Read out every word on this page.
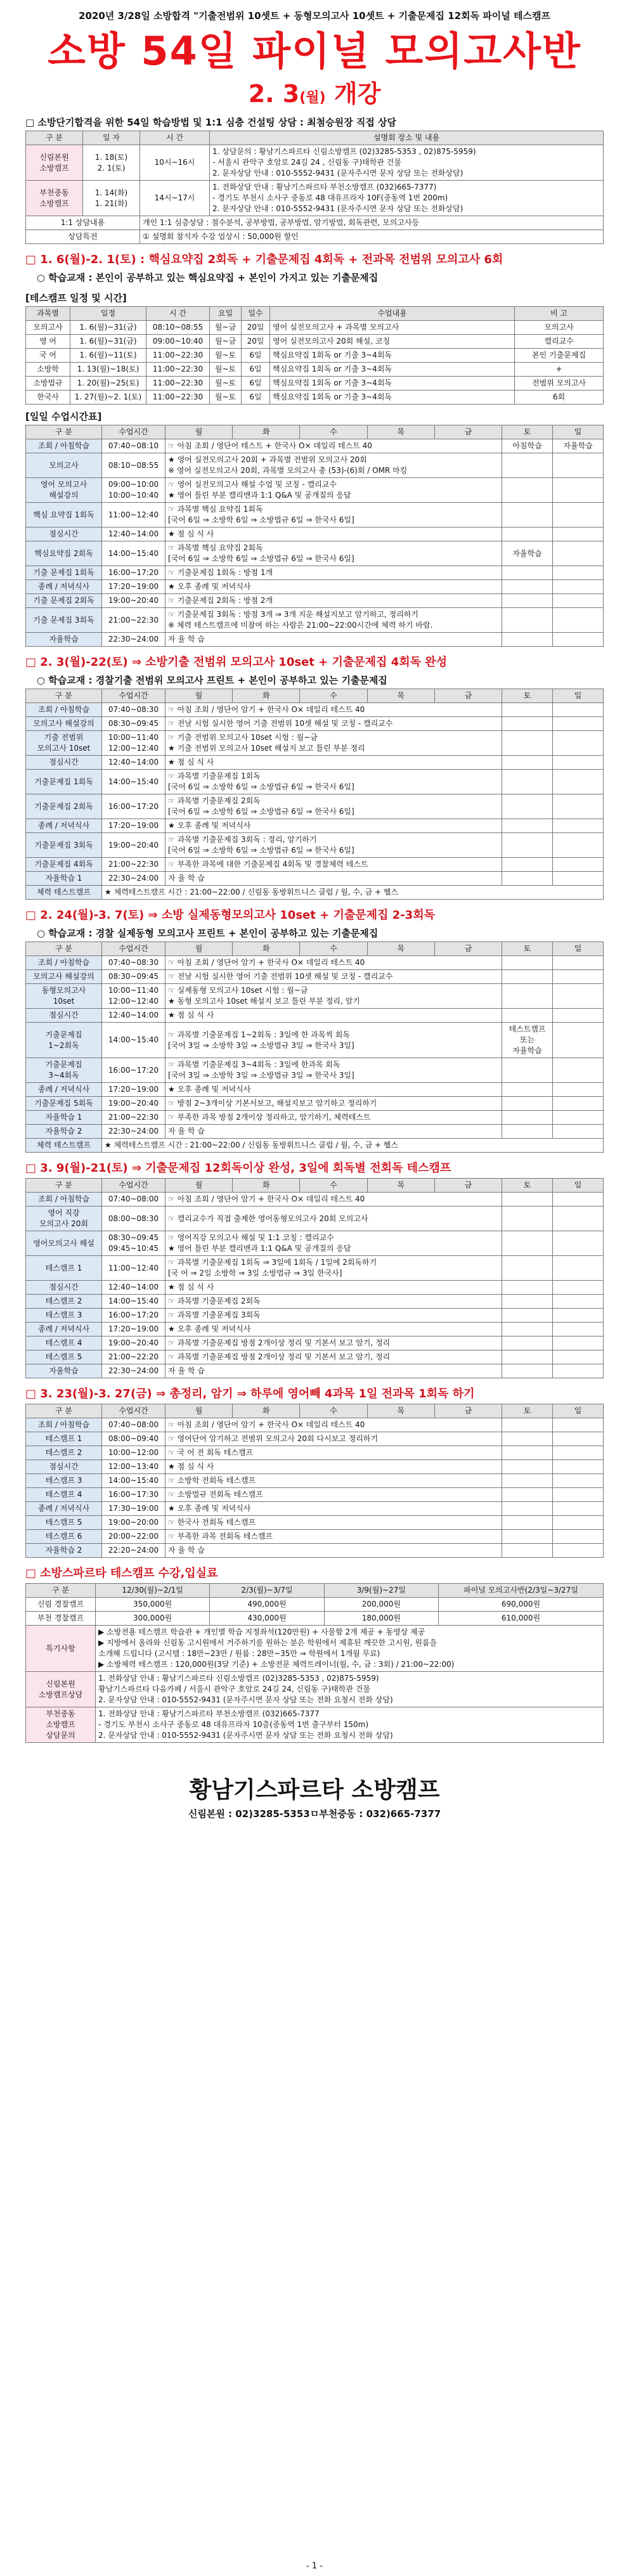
2020년 3/28일 소방합격 "기출전범위 10셋트 + 동형모의고사 10셋트 + 기출문제집 12회독 파이널 테스캠프
소방 54일 파이널 모의고사반
2. 3(월) 개강
□ 소방단기합격을 위한 54일 학습방법 및 1:1 심층 건설팅 상담 : 최첨승원장 직접 상담
구 분	일 자	시 간	설명회 장소 및 내용
신림본원
소방캠프	1. 18(토)
2. 1(토)	10시~16시	1. 상담문의 : 황남기스파르타 신림소방캠프 (02)3285-5353 , 02)875-5959)
- 서울시 관악구 호암로 24길 24 , 신림동 구)태학관 건물
2. 문자상담 안내 : 010-5552-9431 (문자주시면 문자 상담 또는 전화상담)
부천중동
소방캠프	1. 14(화)
1. 21(화)	14시~17시	1. 전화상담 안내 : 황남기스파르타 부천소방캠프 (032)665-7377)
- 경기도 부천시 소사구 중동로 48 대유프라자 10F(중동역 1번 200m)
2. 문자상담 안내 : 010-5552-9431 (문자주시면 문자 상담 또는 전화상담)
1:1 상담내용		개인 1:1 심층상담 : 점수분석, 공부방법, 공부방법, 암기방법, 회독관련, 모의고사등	
상담특전		① 설명회 참석자 수강 업상시 : 50,000원 할인	
□ 1. 6(월)-2. 1(토) : 핵심요약집 2회독 + 기출문제집 4회독 + 전과목 전범위 모의고사 6회
○ 학습교재 : 본인이 공부하고 있는 핵심요약집 + 본인이 가지고 있는 기출문제집
[테스캠프 일정 및 시간]
과목별	일정	시 간	요일	일수	수업내용	비 고
모의고사	1. 6(월)~31(금)	08:10~08:55	월~금	20일	영어 실전모의고사 + 과목별 모의고사	모의고사
영 어	1. 6(월)~31(금)	09:00~10:40	월~금	20일	영어 실전모의고사 20회 해설, 코칭	캘리교수
국 어	1. 6(월)~11(토)	11:00~22:30	월~토	6일	핵심요약집 1회독 or 기출 3~4회독	본인 기출문제집
소방학	1. 13(월)~18(토)	11:00~22:30	월~토	6일	핵심요약집 1회독 or 기출 3~4회독	+
소방법규	1. 20(월)~25(토)	11:00~22:30	월~토	6일	핵심요약집 1회독 or 기출 3~4회독	전범위 모의고사
한국사	1. 27(월)~2. 1(토)	11:00~22:30	월~토	6일	핵심요약집 1회독 or 기출 3~4회독	6회
[일일 수업시간표]
구 분	수업시간	월	화	수	목	금	토	일
조회 / 아침학습	07:40~08:10	☞ 아침 조회 / 영단어 테스트 + 한국사 O× 데일리 테스트 40					아침학습	자율학습
모의고사	08:10~08:55	★ 영어 실전모의고사 20회 + 과목별 전범위 모의고사 20회
※ 영어 실전모의고사 20회, 과목별 모의고사 총 (53)-(6)회 / OMR 마킹						
영어 모의고사
해설강의	09:00~10:00
10:00~10:40	☞ 영어 실전모의고사 해설 수업 및 코칭 - 캘리교수
★ 영어 틀린 부분 캘리맨과 1:1 Q&A 및 공개질의 응답						
핵심 요약집 1회독	11:00~12:40	☞ 과목별 핵심 요약집 1회독
[국어 6일 ⇒ 소방학 6일 ⇒ 소방법규 6일 ⇒ 한국사 6일]						
점심시간	12:40~14:00	★ 점 심 식 사						
핵심요약집 2회독	14:00~15:40	☞ 과목별 핵심 요약집 2회독
[국어 6일 ⇒ 소방학 6일 ⇒ 소방법규 6일 ⇒ 한국사 6일]					자율학습	
기출 문제집 1회독	16:00~17:20	☞ 기출문제집 1회독 : 방점 1개						
종례 / 저녁식사	17:20~19:00	★ 오후 종례 및 저녁식사						
기출 문제집 2회독	19:00~20:40	☞ 기출문제집 2회독 : 방점 2개						
기출 문제집 3회독	21:00~22:30	☞ 기출문제집 3회독 : 방점 3개 ⇒ 3개 지운 해설지보고 암기하고, 정리하기
※ 체력 테스트캠프에 미참여 하는 사람은 21:00~22:00시간에 체력 하기 바람.						
자율학습	22:30~24:00	자 율 학 습						
□ 2. 3(월)-22(토) ⇒ 소방기출 전범위 모의고사 10set + 기출문제집 4회독 완성
○ 학습교재 : 경찰기출 전범위 모의고사 프린트 + 본인이 공부하고 있는 기출문제집
구 분	수업시간	월	화	수	목	금	토	일
조회 / 아침학습	07:40~08:30	☞ 아침 조회 / 영단어 암기 + 한국사 O× 데일리 테스트 40						
모의고사 해설강의	08:30~09:45	☞ 전날 시험 실시한 영어 기출 전범위 10셋 해설 및 코칭 - 캘리교수						
기출 전범위
모의고사 10set	10:00~11:40
12:00~12:40	☞ 기출 전범위 모의고사 10set 시험 : 월~금
★ 기출 전범위 모의고사 10set 해설지 보고 틀린 부분 정리						
점심시간	12:40~14:00	★ 점 심 식 사						
기출문제집 1회독	14:00~15:40	☞ 과목별 기출문제집 1회독
[국어 6일 ⇒ 소방학 6일 ⇒ 소방법규 6일 ⇒ 한국사 6일]						
기출문제집 2회독	16:00~17:20	☞ 과목별 기출문제집 2회독
[국어 6일 ⇒ 소방학 6일 ⇒ 소방법규 6일 ⇒ 한국사 6일]						
종례 / 저녁식사	17:20~19:00	★ 오후 종례 및 저녁식사						
기출문제집 3회독	19:00~20:40	☞ 과목별 기출문제집 3회독 : 정리, 암기하기
[국어 6일 ⇒ 소방학 6일 ⇒ 소방법규 6일 ⇒ 한국사 6일]						
기출문제집 4회독	21:00~22:30	☞ 부족한 과목에 대한 기출문제집 4회독 및 경찰체력 테스트						
자율학습 1	22:30~24:00	자 율 학 습						
체력 테스트캠프	★ 체력테스트캠프 시간 : 21:00~22:00 / 신림동 동방휘트니스 클럽 / 월, 수, 금 + 헬스							
□ 2. 24(월)-3. 7(토) ⇒ 소방 실제동형모의고사 10set + 기출문제집 2-3회독
○ 학습교재 : 경찰 실제동형 모의고사 프린트 + 본인이 공부하고 있는 기출문제집
구 분	수업시간	월	화	수	목	금	토	일
조회 / 아침학습	07:40~08:30	☞ 아침 조회 / 영단어 암기 + 한국사 O× 데일리 테스트 40						
모의고사 해설강의	08:30~09:45	☞ 전날 시험 실시한 영어 기출 전범위 10셋 해설 및 코칭 - 캘리교수						
동형모의고사
10set	10:00~11:40
12:00~12:40	☞ 실제동형 모의고사 10set 시험 : 월~금
★ 동형 모의고사 10set 해설지 보고 틀린 부분 정리, 암기						
점심시간	12:40~14:00	★ 점 심 식 사						
기출문제집
1~2회독	14:00~15:40	☞ 과목별 기출문제집 1~2회독 : 3일에 한 과목씩 회독
[국어 3일 ⇒ 소방학 3일 ⇒ 소방법규 3일 ⇒ 한국사 3일]					테스트캠프
또는
자율학습	
기출문제집
3~4회독	16:00~17:20	☞ 과목별 기출문제집 3~4회독 : 3일에 한과목 회독
[국어 3일 ⇒ 소방학 3일 ⇒ 소방법규 3일 ⇒ 한국사 3일]						
종례 / 저녁식사	17:20~19:00	★ 오후 종례 및 저녁식사						
기출문제집 5회독	19:00~20:40	☞ 방점 2~3개이상 기본서보고, 해설지보고 암기하고 정리하기						
자율학습 1	21:00~22:30	☞ 부족한 과목 방점 2개이상 정리하고, 암기하기, 체력테스트						
자율학습 2	22:30~24:00	자 율 학 습						
체력 테스트캠프	★ 체력테스트캠프 시간 : 21:00~22:00 / 신림동 동방휘트니스 클럽 / 월, 수, 금 + 헬스							
□ 3. 9(월)-21(토) ⇒ 기출문제집 12회독이상 완성, 3일에 회독별 전회독 테스캠프
구 분	수업시간	월	화	수	목	금	토	일
조회 / 아침학습	07:40~08:00	☞ 아침 조회 / 영단어 암기 + 한국사 O× 데일리 테스트 40						
영어 직강
모의고사 20회	08:00~08:30	☞ 캘리교수가 직접 출제한 영어동형모의고사 20회 모의고사						
영어모의고사 해설	08:30~09:45
09:45~10:45	☞ 영어직강 모의고사 해설 및 1:1 코칭 : 캘리교수
★ 영어 틀린 부분 캘리맨과 1:1 Q&A 및 공개질의 응답						
테스캠프 1	11:00~12:40	☞ 과목별 기출문제집 1회독 ⇒ 3일에 1회독 / 1일에 2회독하기
[국 어 ⇒ 2일 소방학 ⇒ 3일 소방법규 ⇒ 3일 한국사]						
점심시간	12:40~14:00	★ 점 심 식 사						
테스캠프 2	14:00~15:40	☞ 과목별 기출문제집 2회독						
테스캠프 3	16:00~17:20	☞ 과목별 기출문제집 3회독						
종례 / 저녁식사	17:20~19:00	★ 오후 종례 및 저녁식사						
테스캠프 4	19:00~20:40	☞ 과목별 기출문제집 방점 2개이상 정리 및 기본서 보고 암기, 정리						
테스캠프 5	21:00~22:20	☞ 과목별 기출문제집 방점 2개이상 정리 및 기본서 보고 암기, 정리						
자율학습	22:30~24:00	자 율 학 습						
□ 3. 23(월)-3. 27(금) ⇒ 총정리, 암기 ⇒ 하루에 영어빼 4과목 1일 전과목 1회독 하기
구 분	수업시간	월	화	수	목	금	토	일
조회 / 아침학습	07:40~08:00	☞ 아침 조회 / 영단어 암기 + 한국사 O× 데일리 테스트 40						
테스캠프 1	08:00~09:40	☞ 영어단어 암기하고 전범위 모의고사 20회 다시보고 정리하기						
테스캠프 2	10:00~12:00	☞ 국 어 전 회독 테스캠프						
점심시간	12:00~13:40	★ 점 심 식 사						
테스캠프 3	14:00~15:40	☞ 소방학 전회독 테스캠프						
테스캠프 4	16:00~17:30	☞ 소방법규 전회독 테스캠프						
종례 / 저녁식사	17:30~19:00	★ 오후 종례 및 저녁식사						
테스캠프 5	19:00~20:00	☞ 한국사 전회독 테스캠프						
테스캠프 6	20:00~22:00	☞ 부족한 과목 전회독 테스캠프						
자율학습 2	22:20~24:00	자 율 학 습						
□ 소방스파르타 테스캠프 수강,입실료
구 분	12/30(월)~2/1일	2/3(월)~3/7일	3/9(월)~27일	파이널 모의고사반(2/3일~3/27일
신림 경찰캠프	350,000원	490,000원	200,000원	690,000원
부천 경찰캠프	300,000원	430,000원	180,000원	610,000원
특기사항	▶ 소방전용 테스캠프 학습관 + 개인별 학습 지정좌석(120만원) + 사물함 2개 제공 + 동영상 제공
▶ 지방에서 올라와 신림동 고시원에서 거주하기를 원하는 분은 학원에서 제휴된 깨끗한 고시원, 원룸을
소개해 드립니다 (고시텔 : 18만~23만 / 원룸 : 28만~35만 ⇒ 학원에서 1개월 무료)
▶ 소방체력 테스캠프 : 120,000원(3달 기준) + 소방전문 체력트레이너(월, 수, 금 : 3회) / 21:00~22:00)			
신림본원
소방캠프상담	1. 전화상담 안내 : 황남기스파르타 신림소방캠프 (02)3285-5353 , 02)875-5959)
황남기스파르타 다음카페 / 서울시 관악구 호암로 24길 24, 신림동 구)태학관 건물
2. 문자상담 안내 : 010-5552-9431 (문자주시면 문자 상담 또는 전화 요청시 전화 상담)			
부천중동
소방캠프
상담문의	1. 전화상담 안내 : 황남기스파르타 부천소방캠프 (032)665-7377
- 경기도 부천시 소사구 중동로 48 대유프라자 10층(중동역 1번 출구부터 150m)
2. 문자상담 안내 : 010-5552-9431 (문자주시면 문자 상담 또는 전화 요청시 전화 상담)			
황남기스파르타 소방캠프
신림본원 : 02)3285-5353ㅁ부천중동 : 032)665-7377
- 1 -
